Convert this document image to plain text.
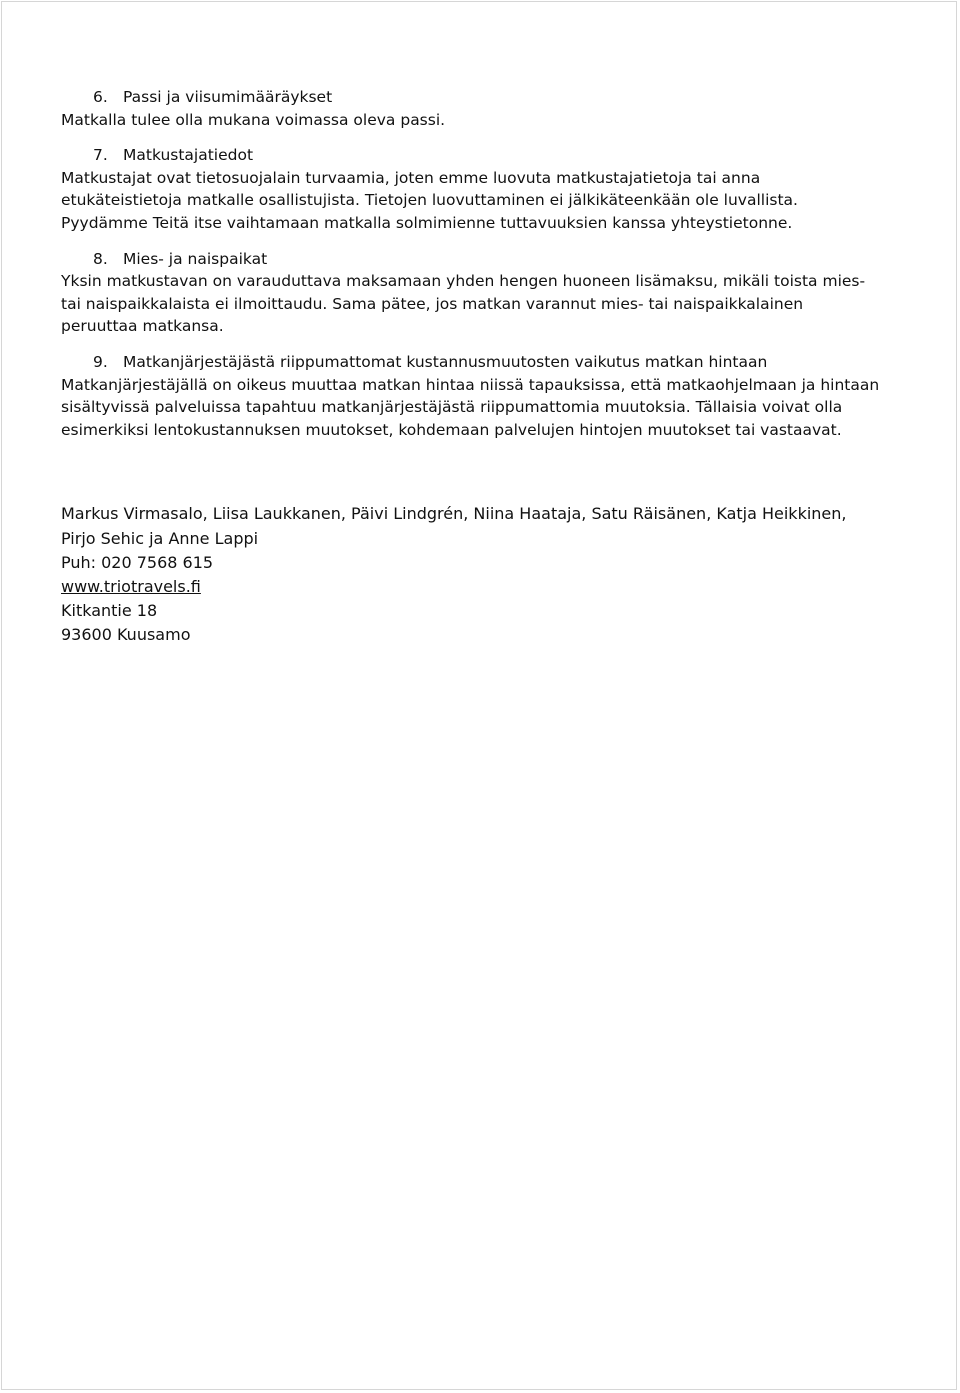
6. Passi ja viisumimääräykset
Matkalla tulee olla mukana voimassa oleva passi.
7. Matkustajatiedot
Matkustajat ovat tietosuojalain turvaamia, joten emme luovuta matkustajatietoja tai anna etukäteistietoja matkalle osallistujista. Tietojen luovuttaminen ei jälkikäteenkään ole luvallista. Pyydämme Teitä itse vaihtamaan matkalla solmimienne tuttavuuksien kanssa yhteystietonne.
8. Mies- ja naispaikat
Yksin matkustavan on varauduttava maksamaan yhden hengen huoneen lisämaksu, mikäli toista mies- tai naispaikkalaista ei ilmoittaudu. Sama pätee, jos matkan varannut mies- tai naispaikkalainen peruuttaa matkansa.
9. Matkanjärjestäjästä riippumattomat kustannusmuutosten vaikutus matkan hintaan
Matkanjärjestäjällä on oikeus muuttaa matkan hintaa niissä tapauksissa, että matkaohjelmaan ja hintaan sisältyvissä palveluissa tapahtuu matkanjärjestäjästä riippumattomia muutoksia. Tällaisia voivat olla esimerkiksi lentokustannuksen muutokset, kohdemaan palvelujen hintojen muutokset tai vastaavat.
Markus Virmasalo, Liisa Laukkanen, Päivi Lindgrén, Niina Haataja, Satu Räisänen, Katja Heikkinen, Pirjo Sehic ja Anne Lappi
Puh: 020 7568 615
www.triotravels.fi
Kitkantie 18
93600 Kuusamo
